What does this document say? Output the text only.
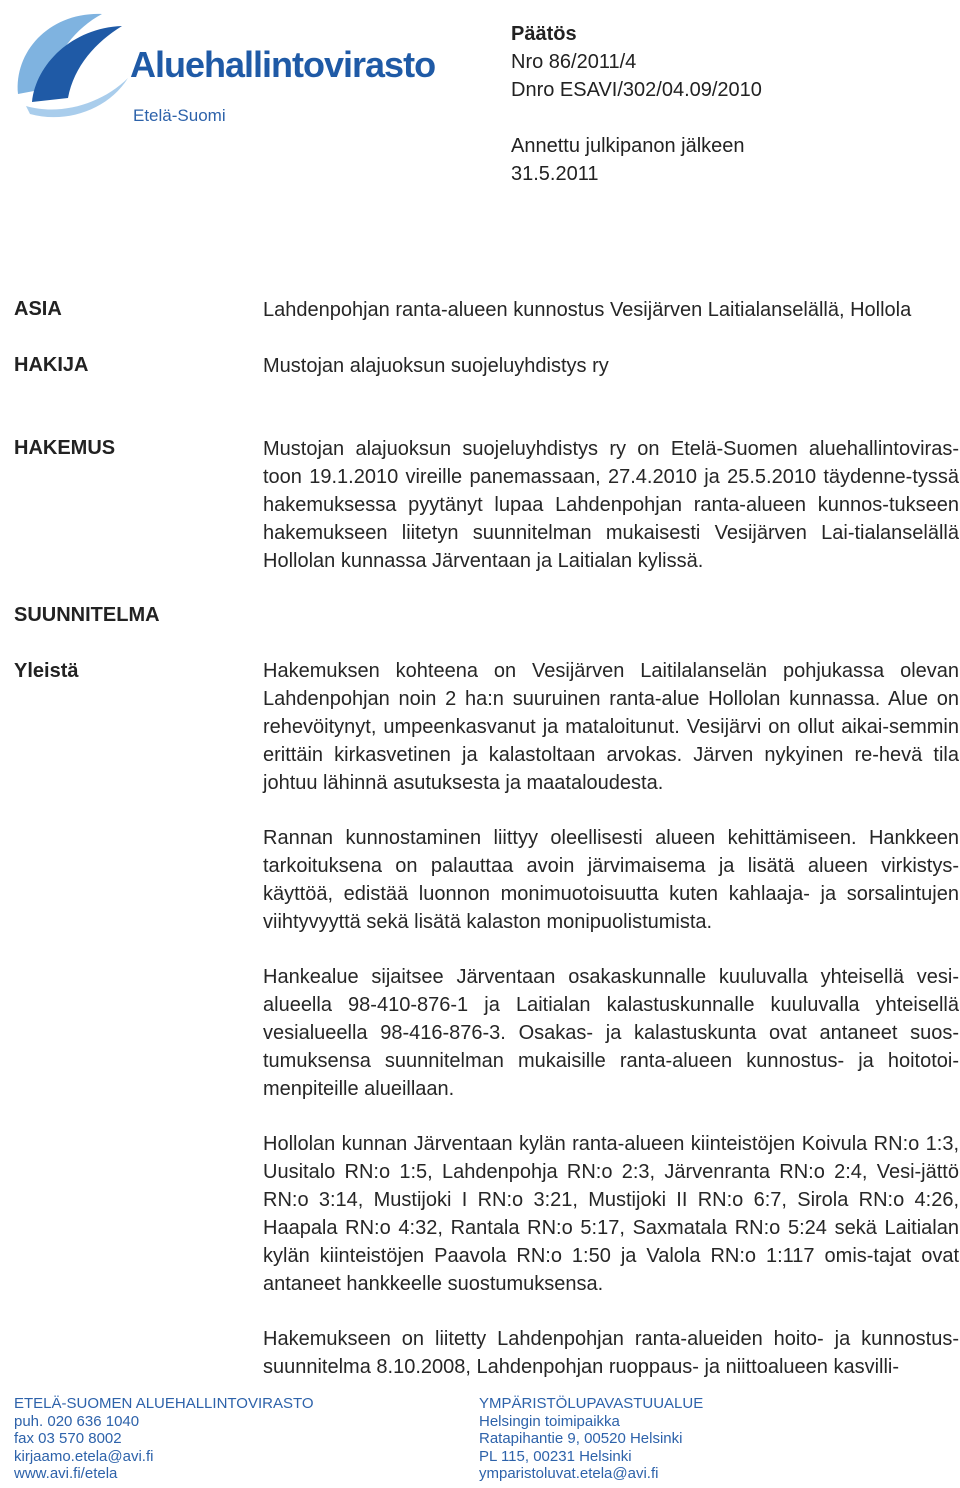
Aluehallintovirasto
Etelä-Suomi
Päätös
Nro 86/2011/4
Dnro ESAVI/302/04.09/2010
Annettu julkipanon jälkeen
31.5.2011
ASIA	Lahdenpohjan ranta-alueen kunnostus Vesijärven Laitialanselällä, Hollola

HAKIJA	Mustojan alajuoksun suojeluyhdistys ry

HAKEMUS	Mustojan alajuoksun suojeluyhdistys ry on Etelä-Suomen aluehallintoviras-toon 19.1.2010 vireille panemassaan, 27.4.2010 ja 25.5.2010 täydenne-tyssä hakemuksessa pyytänyt lupaa Lahdenpohjan ranta-alueen kunnos-tukseen hakemukseen liitetyn suunnitelman mukaisesti Vesijärven Lai-tialanselällä Hollolan kunnassa Järventaan ja Laitialan kylissä.

SUUNNITELMA
Yleistä	Hakemuksen kohteena on Vesijärven Laitilalanselän pohjukassa olevan Lahdenpohjan noin 2 ha:n suuruinen ranta-alue Hollolan kunnassa. Alue on rehevöitynyt, umpeenkasvanut ja mataloitunut. Vesijärvi on ollut aikai-semmin erittäin kirkasvetinen ja kalastoltaan arvokas. Järven nykyinen re-hevä tila johtuu lähinnä asutuksesta ja maataloudesta.

Rannan kunnostaminen liittyy oleellisesti alueen kehittämiseen. Hankkeen tarkoituksena on palauttaa avoin järvimaisema ja lisätä alueen virkistys-käyttöä, edistää luonnon monimuotoisuutta kuten kahlaaja- ja sorsalintujen viihtyvyyttä sekä lisätä kalaston monipuolistumista.

Hankealue sijaitsee Järventaan osakaskunnalle kuuluvalla yhteisellä vesi-alueella 98-410-876-1 ja Laitialan kalastuskunnalle kuuluvalla yhteisellä vesialueella 98-416-876-3. Osakas- ja kalastuskunta ovat antaneet suos-tumuksensa suunnitelman mukaisille ranta-alueen kunnostus- ja hoitotoi-menpiteille alueillaan.

Hollolan kunnan Järventaan kylän ranta-alueen kiinteistöjen Koivula RN:o 1:3, Uusitalo RN:o 1:5, Lahdenpohja RN:o 2:3, Järvenranta RN:o 2:4, Vesi-jättö RN:o 3:14, Mustijoki I RN:o 3:21, Mustijoki II RN:o 6:7, Sirola RN:o 4:26, Haapala RN:o 4:32, Rantala RN:o 5:17, Saxmatala RN:o 5:24 sekä Laitialan kylän kiinteistöjen Paavola RN:o 1:50 ja Valola RN:o 1:117 omis-tajat ovat antaneet hankkeelle suostumuksensa.

Hakemukseen on liitetty Lahdenpohjan ranta-alueiden hoito- ja kunnostus-suunnitelma 8.10.2008, Lahdenpohjan ruoppaus- ja niittoalueen kasvilli-

ETELÄ-SUOMEN ALUEHALLINTOVIRASTO
puh. 020 636 1040
fax 03 570 8002
kirjaamo.etela@avi.fi
www.avi.fi/etela
YMPÄRISTÖLUPAVASTUUALUE
Helsingin toimipaikka
Ratapihantie 9, 00520 Helsinki
PL 115, 00231 Helsinki
ymparistoluvat.etela@avi.fi
